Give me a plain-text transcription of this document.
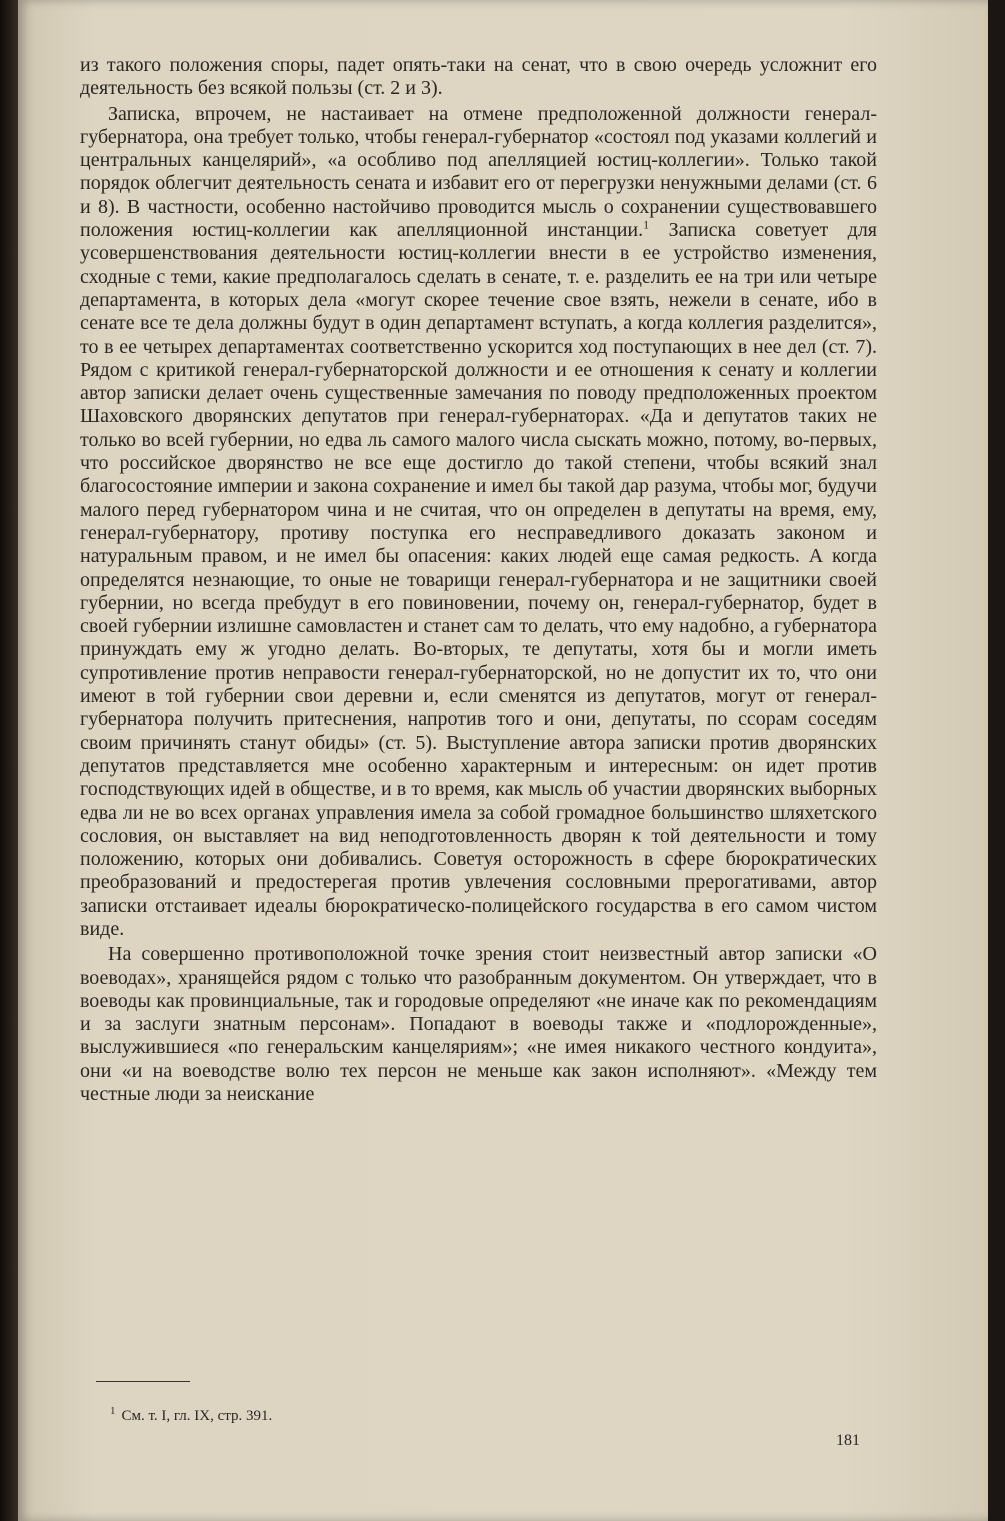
из такого положения споры, падет опять-таки на сенат, что в свою очередь усложнит его деятельность без всякой пользы (ст. 2 и 3).

Записка, впрочем, не настаивает на отмене предположенной должности генерал-губернатора, она требует только, чтобы генерал-губернатор «состоял под указами коллегий и центральных канцелярий», «а особливо под апелляцией юстиц-коллегии». Только такой порядок облегчит деятельность сената и избавит его от перегрузки ненужными делами (ст. 6 и 8). В частности, особенно настойчиво проводится мысль о сохранении существовавшего положения юстиц-коллегии как апелляционной инстанции.$^1$ Записка советует для усовершенствования деятельности юстиц-коллегии внести в ее устройство изменения, сходные с теми, какие предполагалось сделать в сенате, т. е. разделить ее на три или четыре департамента, в которых дела «могут скорее течение свое взять, нежели в сенате, ибо в сенате все те дела должны будут в один департамент вступать, а когда коллегия разделится», то в ее четырех департаментах соответственно ускорится ход поступающих в нее дел (ст. 7). Рядом с критикой генерал-губернаторской должности и ее отношения к сенату и коллегии автор записки делает очень существенные замечания по поводу предположенных проектом Шаховского дворянских депутатов при генерал-губернаторах. «Да и депутатов таких не только во всей губернии, но едва ль самого малого числа сыскать можно, потому, во-первых, что российское дворянство не все еще достигло до такой степени, чтобы всякий знал благосостояние империи и закона сохранение и имел бы такой дар разума, чтобы мог, будучи малого перед губернатором чина и не считая, что он определен в депутаты на время, ему, генерал-губернатору, противу поступка его несправедливого доказать законом и натуральным правом, и не имел бы опасения: каких людей еще самая редкость. А когда определятся незнающие, то оные не товарищи генерал-губернатора и не защитники своей губернии, но всегда пребудут в его повиновении, почему он, генерал-губернатор, будет в своей губернии излишне самовластен и станет сам то делать, что ему надобно, а губернатора принуждать ему ж угодно делать. Во-вторых, те депутаты, хотя бы и могли иметь супротивление против неправости генерал-губернаторской, но не допустит их то, что они имеют в той губернии свои деревни и, если сменятся из депутатов, могут от генерал-губернатора получить притеснения, напротив того и они, депутаты, по ссорам соседям своим причинять станут обиды» (ст. 5). Выступление автора записки против дворянских депутатов представляется мне особенно характерным и интересным: он идет против господствующих идей в обществе, и в то время, как мысль об участии дворянских выборных едва ли не во всех органах управления имела за собой громадное большинство шляхетского сословия, он выставляет на вид неподготовленность дворян к той деятельности и тому положению, которых они добивались. Советуя осторожность в сфере бюрократических преобразований и предостерегая против увлечения сословными прерогативами, автор записки отстаивает идеалы бюрократическо-полицейского государства в его самом чистом виде.

На совершенно противоположной точке зрения стоит неизвестный автор записки «О воеводах», хранящейся рядом с только что разобранным документом. Он утверждает, что в воеводы как провинциальные, так и городовые определяют «не иначе как по рекомендациям и за заслуги знатным персонам». Попадают в воеводы также и «подлорожденные», выслужившиеся «по генеральским канцеляриям»; «не имея никакого честного кондуита», они «и на воеводстве волю тех персон не меньше как закон исполняют». «Между тем честные люди за неискание

$^1$ См. т. I, гл. IX, стр. 391.
181
